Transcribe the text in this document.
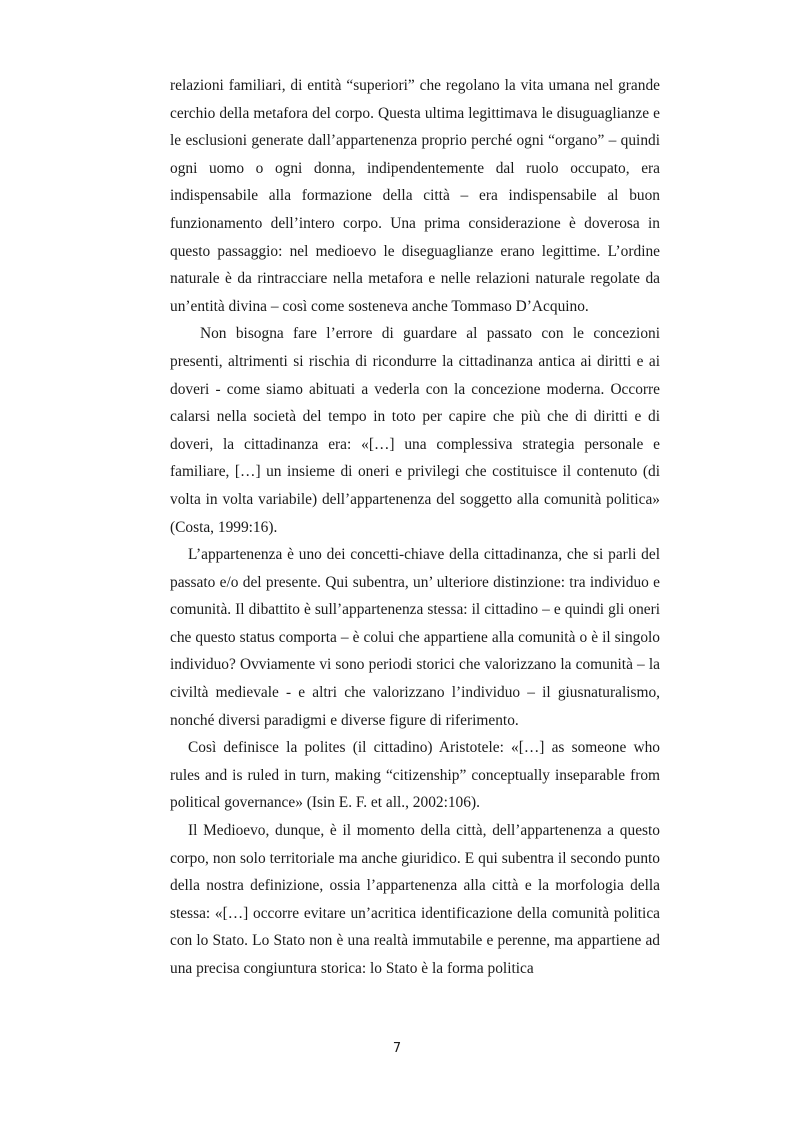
relazioni familiari, di entità “superiori” che regolano la vita umana nel grande cerchio della metafora del corpo. Questa ultima legittimava le disuguaglianze e le esclusioni generate dall’appartenenza proprio perché ogni “organo” – quindi ogni uomo o ogni donna, indipendentemente dal ruolo occupato, era indispensabile alla formazione della città – era indispensabile al buon funzionamento dell’intero corpo. Una prima considerazione è doverosa in questo passaggio: nel medioevo le diseguaglianze erano legittime. L’ordine naturale è da rintracciare nella metafora e nelle relazioni naturale regolate da un’entità divina – così come sosteneva anche Tommaso D’Acquino.

Non bisogna fare l’errore di guardare al passato con le concezioni presenti, altrimenti si rischia di ricondurre la cittadinanza antica ai diritti e ai doveri - come siamo abituati a vederla con la concezione moderna. Occorre calarsi nella società del tempo in toto per capire che più che di diritti e di doveri, la cittadinanza era: «[…] una complessiva strategia personale e familiare, […] un insieme di oneri e privilegi che costituisce il contenuto (di volta in volta variabile) dell’appartenenza del soggetto alla comunità politica» (Costa, 1999:16).

L’appartenenza è uno dei concetti-chiave della cittadinanza, che si parli del passato e/o del presente. Qui subentra, un’ ulteriore distinzione: tra individuo e comunità. Il dibattito è sull’appartenenza stessa: il cittadino – e quindi gli oneri che questo status comporta – è colui che appartiene alla comunità o è il singolo individuo? Ovviamente vi sono periodi storici che valorizzano la comunità – la civiltà medievale - e altri che valorizzano l’individuo – il giusnaturalismo, nonché diversi paradigmi e diverse figure di riferimento.

Così definisce la polites (il cittadino) Aristotele: «[…] as someone who rules and is ruled in turn, making “citizenship” conceptually inseparable from political governance» (Isin E. F. et all., 2002:106).

Il Medioevo, dunque, è il momento della città, dell’appartenenza a questo corpo, non solo territoriale ma anche giuridico. E qui subentra il secondo punto della nostra definizione, ossia l’appartenenza alla città e la morfologia della stessa: «[…] occorre evitare un’acritica identificazione della comunità politica con lo Stato. Lo Stato non è una realtà immutabile e perenne, ma appartiene ad una precisa congiuntura storica: lo Stato è la forma politica

7
